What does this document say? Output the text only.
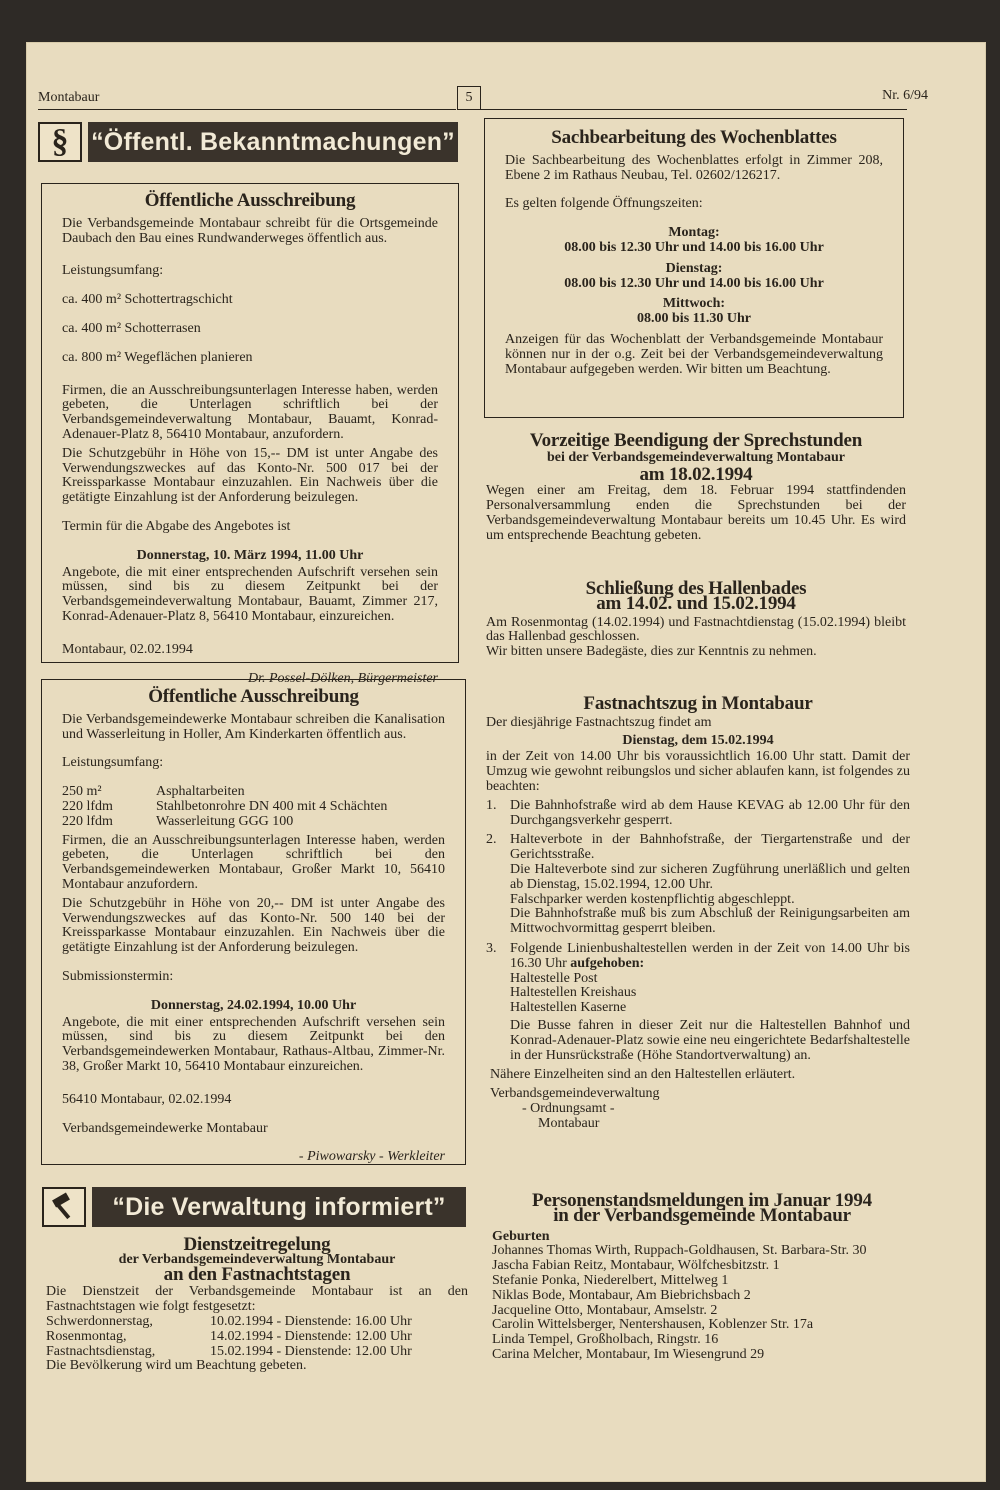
Montabaur	5	Nr. 6/94
§ “Öffentl. Bekanntmachungen”
Öffentliche Ausschreibung

Die Verbandsgemeinde Montabaur schreibt für die Ortsgemeinde Daubach den Bau eines Rundwanderweges öffentlich aus.

Leistungsumfang:

ca. 400 m² Schottertragschicht

ca. 400 m² Schotterrasen

ca. 800 m² Wegeflächen planieren

Firmen, die an Ausschreibungsunterlagen Interesse haben, werden gebeten, die Unterlagen schriftlich bei der Verbandsgemeindeverwaltung Montabaur, Bauamt, Konrad-Adenauer-Platz 8, 56410 Montabaur, anzufordern.

Die Schutzgebühr in Höhe von 15,-- DM ist unter Angabe des Verwendungszweckes auf das Konto-Nr. 500 017 bei der Kreissparkasse Montabaur einzuzahlen. Ein Nachweis über die getätigte Einzahlung ist der Anforderung beizulegen.

Termin für die Abgabe des Angebotes ist

Donnerstag, 10. März 1994, 11.00 Uhr

Angebote, die mit einer entsprechenden Aufschrift versehen sein müssen, sind bis zu diesem Zeitpunkt bei der Verbandsgemeindeverwaltung Montabaur, Bauamt, Zimmer 217, Konrad-Adenauer-Platz 8, 56410 Montabaur, einzureichen.

Montabaur, 02.02.1994

Dr. Possel-Dölken, Bürgermeister

Öffentliche Ausschreibung

Die Verbandsgemeindewerke Montabaur schreiben die Kanalisation und Wasserleitung in Holler, Am Kinderkarten öffentlich aus.

Leistungsumfang:

250 m²	Asphaltarbeiten
220 lfdm	Stahlbetonrohre DN 400 mit 4 Schächten
220 lfdm	Wasserleitung GGG 100

Firmen, die an Ausschreibungsunterlagen Interesse haben, werden gebeten, die Unterlagen schriftlich bei den Verbandsgemeindewerken Montabaur, Großer Markt 10, 56410 Montabaur anzufordern.

Die Schutzgebühr in Höhe von 20,-- DM ist unter Angabe des Verwendungszweckes auf das Konto-Nr. 500 140 bei der Kreissparkasse Montabaur einzuzahlen. Ein Nachweis über die getätigte Einzahlung ist der Anforderung beizulegen.

Submissionstermin:

Donnerstag, 24.02.1994, 10.00 Uhr

Angebote, die mit einer entsprechenden Aufschrift versehen sein müssen, sind bis zu diesem Zeitpunkt bei den Verbandsgemeindewerken Montabaur, Rathaus-Altbau, Zimmer-Nr. 38, Großer Markt 10, 56410 Montabaur einzureichen.

56410 Montabaur, 02.02.1994

Verbandsgemeindewerke Montabaur

- Piwowarsky - Werkleiter

“Die Verwaltung informiert”
Dienstzeitregelung
der Verbandsgemeindeverwaltung Montabaur
an den Fastnachtstagen

Die Dienstzeit der Verbandsgemeinde Montabaur ist an den Fastnachtstagen wie folgt festgesetzt:

Schwerdonnerstag,	10.02.1994 - Dienstende: 16.00 Uhr
Rosenmontag,	14.02.1994 - Dienstende: 12.00 Uhr
Fastnachtsdienstag,	15.02.1994 - Dienstende: 12.00 Uhr

Die Bevölkerung wird um Beachtung gebeten.

Sachbearbeitung des Wochenblattes

Die Sachbearbeitung des Wochenblattes erfolgt in Zimmer 208, Ebene 2 im Rathaus Neubau, Tel. 02602/126217.

Es gelten folgende Öffnungszeiten:

Montag:

08.00 bis 12.30 Uhr und 14.00 bis 16.00 Uhr

Dienstag:

08.00 bis 12.30 Uhr und 14.00 bis 16.00 Uhr

Mittwoch:

08.00 bis 11.30 Uhr

Anzeigen für das Wochenblatt der Verbandsgemeinde Montabaur können nur in der o.g. Zeit bei der Verbandsgemeindeverwaltung Montabaur aufgegeben werden. Wir bitten um Beachtung.

Vorzeitige Beendigung der Sprechstunden
bei der Verbandsgemeindeverwaltung Montabaur
am 18.02.1994

Wegen einer am Freitag, dem 18. Februar 1994 stattfindenden Personalversammlung enden die Sprechstunden bei der Verbandsgemeindeverwaltung Montabaur bereits um 10.45 Uhr. Es wird um entsprechende Beachtung gebeten.

Schließung des Hallenbades
am 14.02. und 15.02.1994

Am Rosenmontag (14.02.1994) und Fastnachtdienstag (15.02.1994) bleibt das Hallenbad geschlossen.

Wir bitten unsere Badegäste, dies zur Kenntnis zu nehmen.

Fastnachtszug in Montabaur

Der diesjährige Fastnachtszug findet am

Dienstag, dem 15.02.1994

in der Zeit von 14.00 Uhr bis voraussichtlich 16.00 Uhr statt. Damit der Umzug wie gewohnt reibungslos und sicher ablaufen kann, ist folgendes zu beachten:

1. Die Bahnhofstraße wird ab dem Hause KEVAG ab 12.00 Uhr für den Durchgangsverkehr gesperrt.
2. Halteverbote in der Bahnhofstraße, der Tiergartenstraße und der Gerichtsstraße.
Die Halteverbote sind zur sicheren Zugführung unerläßlich und gelten ab Dienstag, 15.02.1994, 12.00 Uhr.
Falschparker werden kostenpflichtig abgeschleppt.
Die Bahnhofstraße muß bis zum Abschluß der Reinigungsarbeiten am Mittwochvormittag gesperrt bleiben.
3. Folgende Linienbushaltestellen werden in der Zeit von 14.00 Uhr bis 16.30 Uhr aufgehoben:
Haltestelle Post
Haltestellen Kreishaus
Haltestellen Kaserne
Die Busse fahren in dieser Zeit nur die Haltestellen Bahnhof und Konrad-Adenauer-Platz sowie eine neu eingerichtete Bedarfshaltestelle in der Hunsrückstraße (Höhe Standortverwaltung) an.

Nähere Einzelheiten sind an den Haltestellen erläutert.

Verbandsgemeindeverwaltung

- Ordnungsamt -

Montabaur

Personenstandsmeldungen im Januar 1994
in der Verbandsgemeinde Montabaur

Geburten

Johannes Thomas Wirth, Ruppach-Goldhausen, St. Barbara-Str. 30

Jascha Fabian Reitz, Montabaur, Wölfchesbitzstr. 1

Stefanie Ponka, Niederelbert, Mittelweg 1

Niklas Bode, Montabaur, Am Biebrichsbach 2

Jacqueline Otto, Montabaur, Amselstr. 2

Carolin Wittelsberger, Nentershausen, Koblenzer Str. 17a

Linda Tempel, Großholbach, Ringstr. 16

Carina Melcher, Montabaur, Im Wiesengrund 29
